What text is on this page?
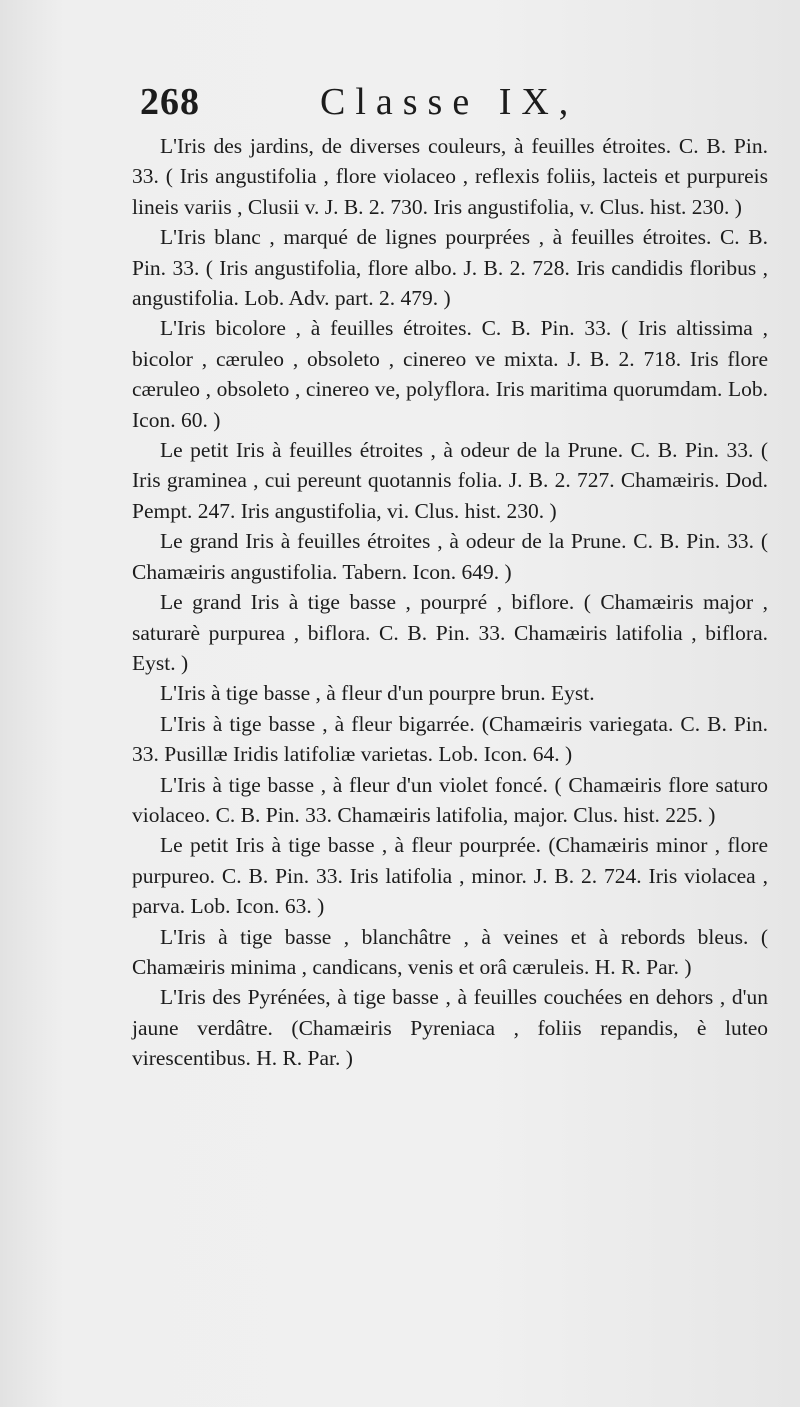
268	Classe IX,

L'Iris des jardins, de diverses couleurs, à feuilles étroites. C. B. Pin. 33. ( Iris angustifolia , flore violaceo , reflexis foliis, lacteis et purpureis lineis variis , Clusii v. J. B. 2. 730. Iris angustifolia, v. Clus. hist. 230. )

L'Iris blanc , marqué de lignes pourprées , à feuilles étroites. C. B. Pin. 33. ( Iris angustifolia, flore albo. J. B. 2. 728. Iris candidis floribus , angustifolia. Lob. Adv. part. 2. 479. )

L'Iris bicolore , à feuilles étroites. C. B. Pin. 33. ( Iris altissima , bicolor , cæruleo , obsoleto , cinereo ve mixta. J. B. 2. 718. Iris flore cæruleo , obsoleto , cinereo ve, polyflora. Iris maritima quorumdam. Lob. Icon. 60. )

Le petit Iris à feuilles étroites , à odeur de la Prune. C. B. Pin. 33. ( Iris graminea , cui pereunt quotannis folia. J. B. 2. 727. Chamæiris. Dod. Pempt. 247. Iris angustifolia, vi. Clus. hist. 230. )

Le grand Iris à feuilles étroites , à odeur de la Prune. C. B. Pin. 33. ( Chamæiris angustifolia. Tabern. Icon. 649. )

Le grand Iris à tige basse , pourpré , biflore. ( Chamæiris major , saturarè purpurea , biflora. C. B. Pin. 33. Chamæiris latifolia , biflora. Eyst. )

L'Iris à tige basse , à fleur d'un pourpre brun. Eyst.

L'Iris à tige basse , à fleur bigarrée. (Chamæiris variegata. C. B. Pin. 33. Pusillæ Iridis latifoliæ varietas. Lob. Icon. 64. )

L'Iris à tige basse , à fleur d'un violet foncé. ( Chamæiris flore saturo violaceo. C. B. Pin. 33. Chamæiris latifolia, major. Clus. hist. 225. )

Le petit Iris à tige basse , à fleur pourprée. (Chamæiris minor , flore purpureo. C. B. Pin. 33. Iris latifolia , minor. J. B. 2. 724. Iris violacea , parva. Lob. Icon. 63. )

L'Iris à tige basse , blanchâtre , à veines et à rebords bleus. ( Chamæiris minima , candicans, venis et orâ cæruleis. H. R. Par. )

L'Iris des Pyrénées, à tige basse , à feuilles couchées en dehors , d'un jaune verdâtre. (Chamæiris Pyreniaca , foliis repandis, è luteo virescentibus. H. R. Par. )
